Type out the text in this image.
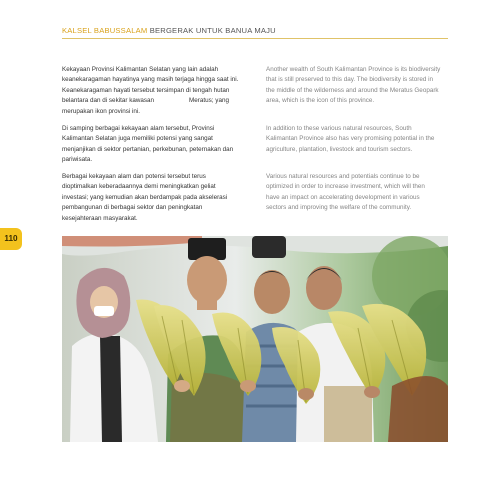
KALSEL BABUSSALAM BERGERAK UNTUK BANUA MAJU

Kekayaan Provinsi Kalimantan Selatan yang lain adalah

keanekaragaman hayatinya yang masih terjaga hingga saat ini.

Keanekaragaman hayati tersebut tersimpan di tengah hutan

belantara dan di sekitar kawasan                    Meratus; yang

merupakan ikon provinsi ini.

Di samping berbagai kekayaan alam tersebut, Provinsi

Kalimantan Selatan juga memiliki potensi yang sangat

menjanjikan di sektor pertanian, perkebunan, peternakan dan

pariwisata.

Berbagai kekayaan alam dan potensi tersebut terus

dioptimalkan keberadaannya demi meningkatkan geliat

investasi; yang kemudian akan berdampak pada akselerasi

pembangunan di berbagai sektor dan peningkatan

kesejahteraan masyarakat.

Another wealth of South Kalimantan Province is its biodiversity

that is still preserved to this day. The biodiversity is stored in

the middle of the wilderness and around the Meratus Geopark

area, which is the icon of this province.

In addition to these various natural resources, South

Kalimantan Province also has very promising potential in the

agriculture, plantation, livestock and tourism sectors.

Various natural resources and potentials continue to be

optimized in order to increase investment, which will then

have an impact on accelerating development in various

sectors and improving the welfare of the community.

110
